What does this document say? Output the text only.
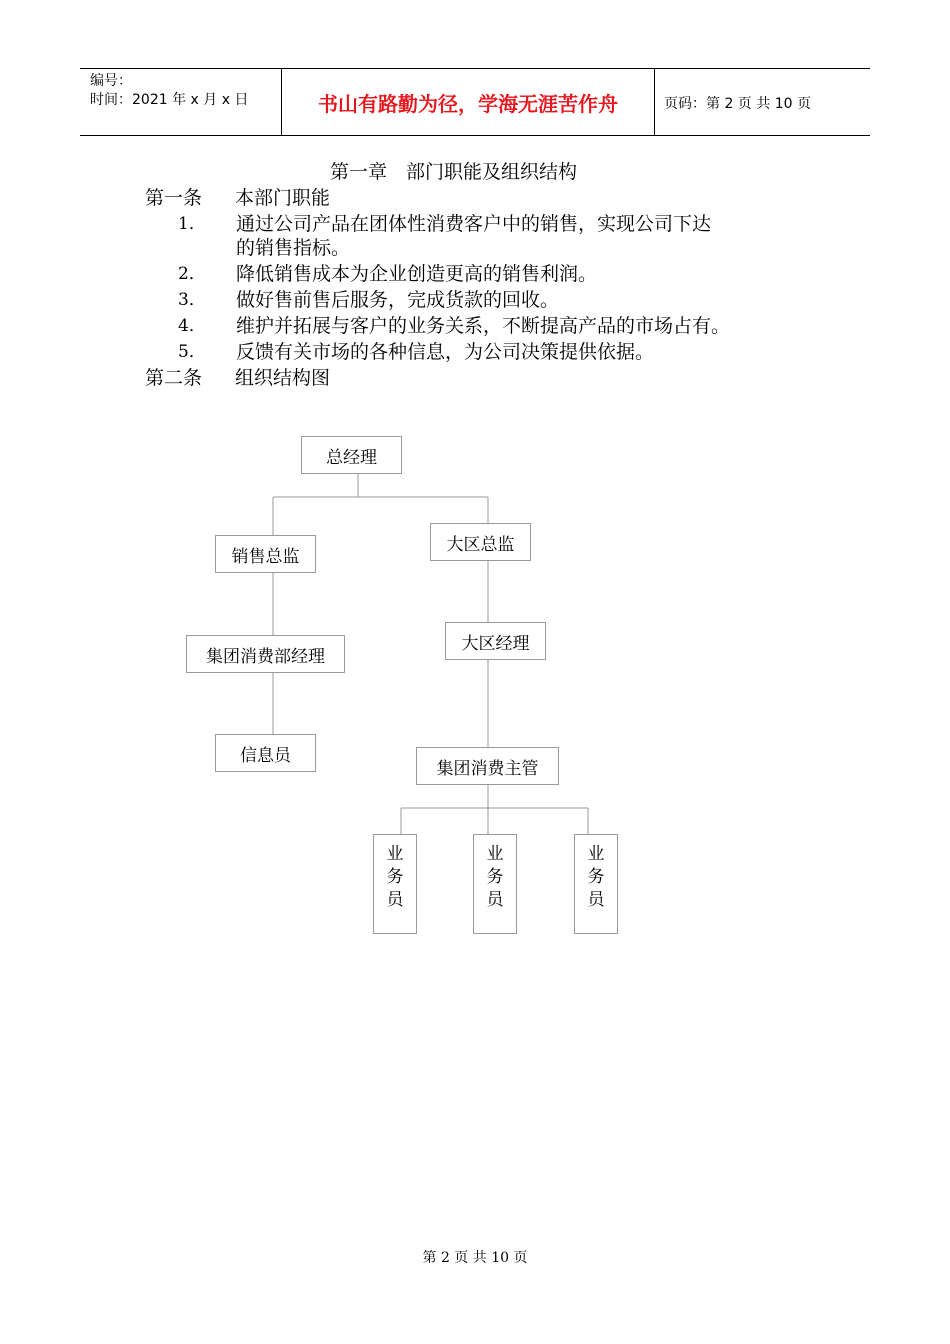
编号：
时间：2021 年 x 月 x 日	书山有路勤为径，学海无涯苦作舟	页码：第 2 页 共 10 页
第一章　部门职能及组织结构
第一条 本部门职能
1． 通过公司产品在团体性消费客户中的销售，实现公司下达
的销售指标。
2． 降低销售成本为企业创造更高的销售利润。
3． 做好售前售后服务，完成货款的回收。
4． 维护并拓展与客户的业务关系，不断提高产品的市场占有。
5． 反馈有关市场的各种信息，为公司决策提供依据。
第二条 组织结构图
总经理
销售总监
大区总监
集团消费部经理
大区经理
信息员
集团消费主管
业
务
员
业
务
员
业
务
员
第 2 页 共 10 页
